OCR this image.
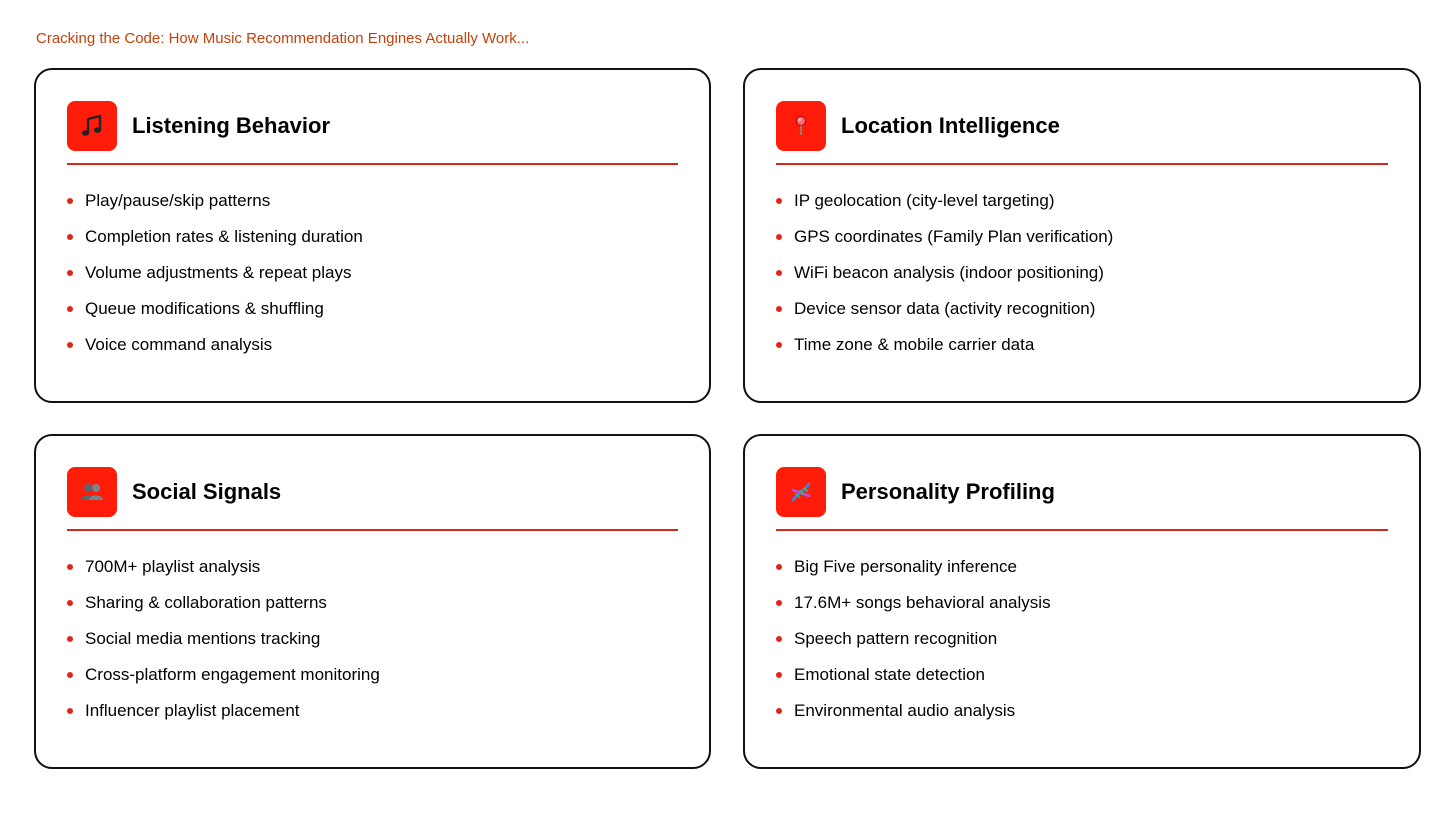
Cracking the Code: How Music Recommendation Engines Actually Work...
Listening Behavior
Play/pause/skip patterns
Completion rates & listening duration
Volume adjustments & repeat plays
Queue modifications & shuffling
Voice command analysis
Location Intelligence
IP geolocation (city-level targeting)
GPS coordinates (Family Plan verification)
WiFi beacon analysis (indoor positioning)
Device sensor data (activity recognition)
Time zone & mobile carrier data
Social Signals
700M+ playlist analysis
Sharing & collaboration patterns
Social media mentions tracking
Cross-platform engagement monitoring
Influencer playlist placement
Personality Profiling
Big Five personality inference
17.6M+ songs behavioral analysis
Speech pattern recognition
Emotional state detection
Environmental audio analysis
